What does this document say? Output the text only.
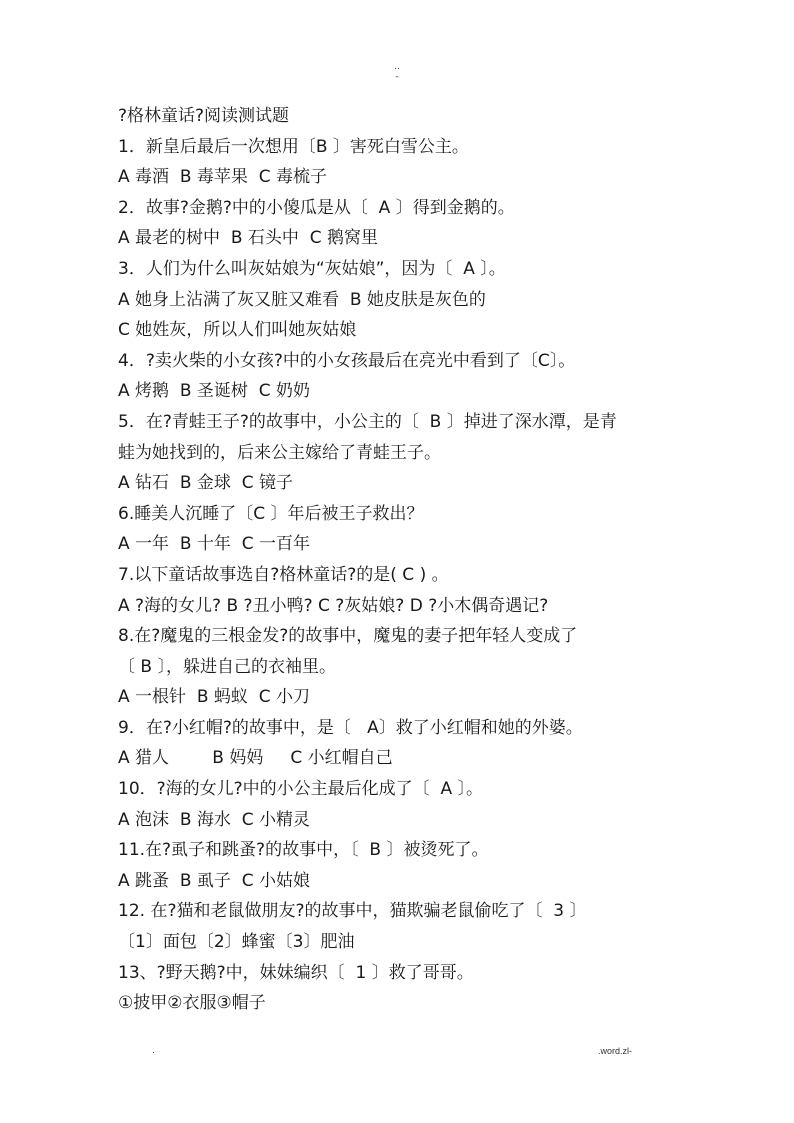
..
-
?格林童话?阅读测试题
1．新皇后最后一次想用〔B 〕害死白雪公主。
A 毒酒  B 毒苹果  C 毒梳子
2．故事?金鹅?中的小傻瓜是从〔  A 〕得到金鹅的。
A 最老的树中  B 石头中  C 鹅窝里
3．人们为什么叫灰姑娘为“灰姑娘”，因为〔  A 〕。
A 她身上沾满了灰又脏又难看  B 她皮肤是灰色的
C 她姓灰，所以人们叫她灰姑娘
4．?卖火柴的小女孩?中的小女孩最后在亮光中看到了〔C〕。
A 烤鹅  B 圣诞树  C 奶奶
5．在?青蛙王子?的故事中，小公主的〔  B 〕掉进了深水潭，是青
蛙为她找到的，后来公主嫁给了青蛙王子。
A 钻石  B 金球  C 镜子
6.睡美人沉睡了〔C 〕年后被王子救出？
A 一年  B 十年  C 一百年
7.以下童话故事选自?格林童话?的是( C ) 。
A ?海的女儿? B ?丑小鸭? C ?灰姑娘? D ?小木偶奇遇记?
8.在?魔鬼的三根金发?的故事中，魔鬼的妻子把年轻人变成了
〔 B 〕，躲进自己的衣袖里。
A 一根针  B 蚂蚁  C 小刀
9．在?小红帽?的故事中，是〔   A〕救了小红帽和她的外婆。
A 猎人        B 妈妈     C 小红帽自己
10．?海的女儿?中的小公主最后化成了〔  A 〕。
A 泡沫  B 海水  C 小精灵
11.在?虱子和跳蚤?的故事中，〔  B 〕被烫死了。
A 跳蚤  B 虱子  C 小姑娘
12. 在?猫和老鼠做朋友?的故事中，猫欺骗老鼠偷吃了〔  3 〕
〔1〕面包〔2〕蜂蜜〔3〕肥油
13、?野天鹅?中，妹妹编织〔  1 〕救了哥哥。
①披甲②衣服③帽子
.	.word.zl-
